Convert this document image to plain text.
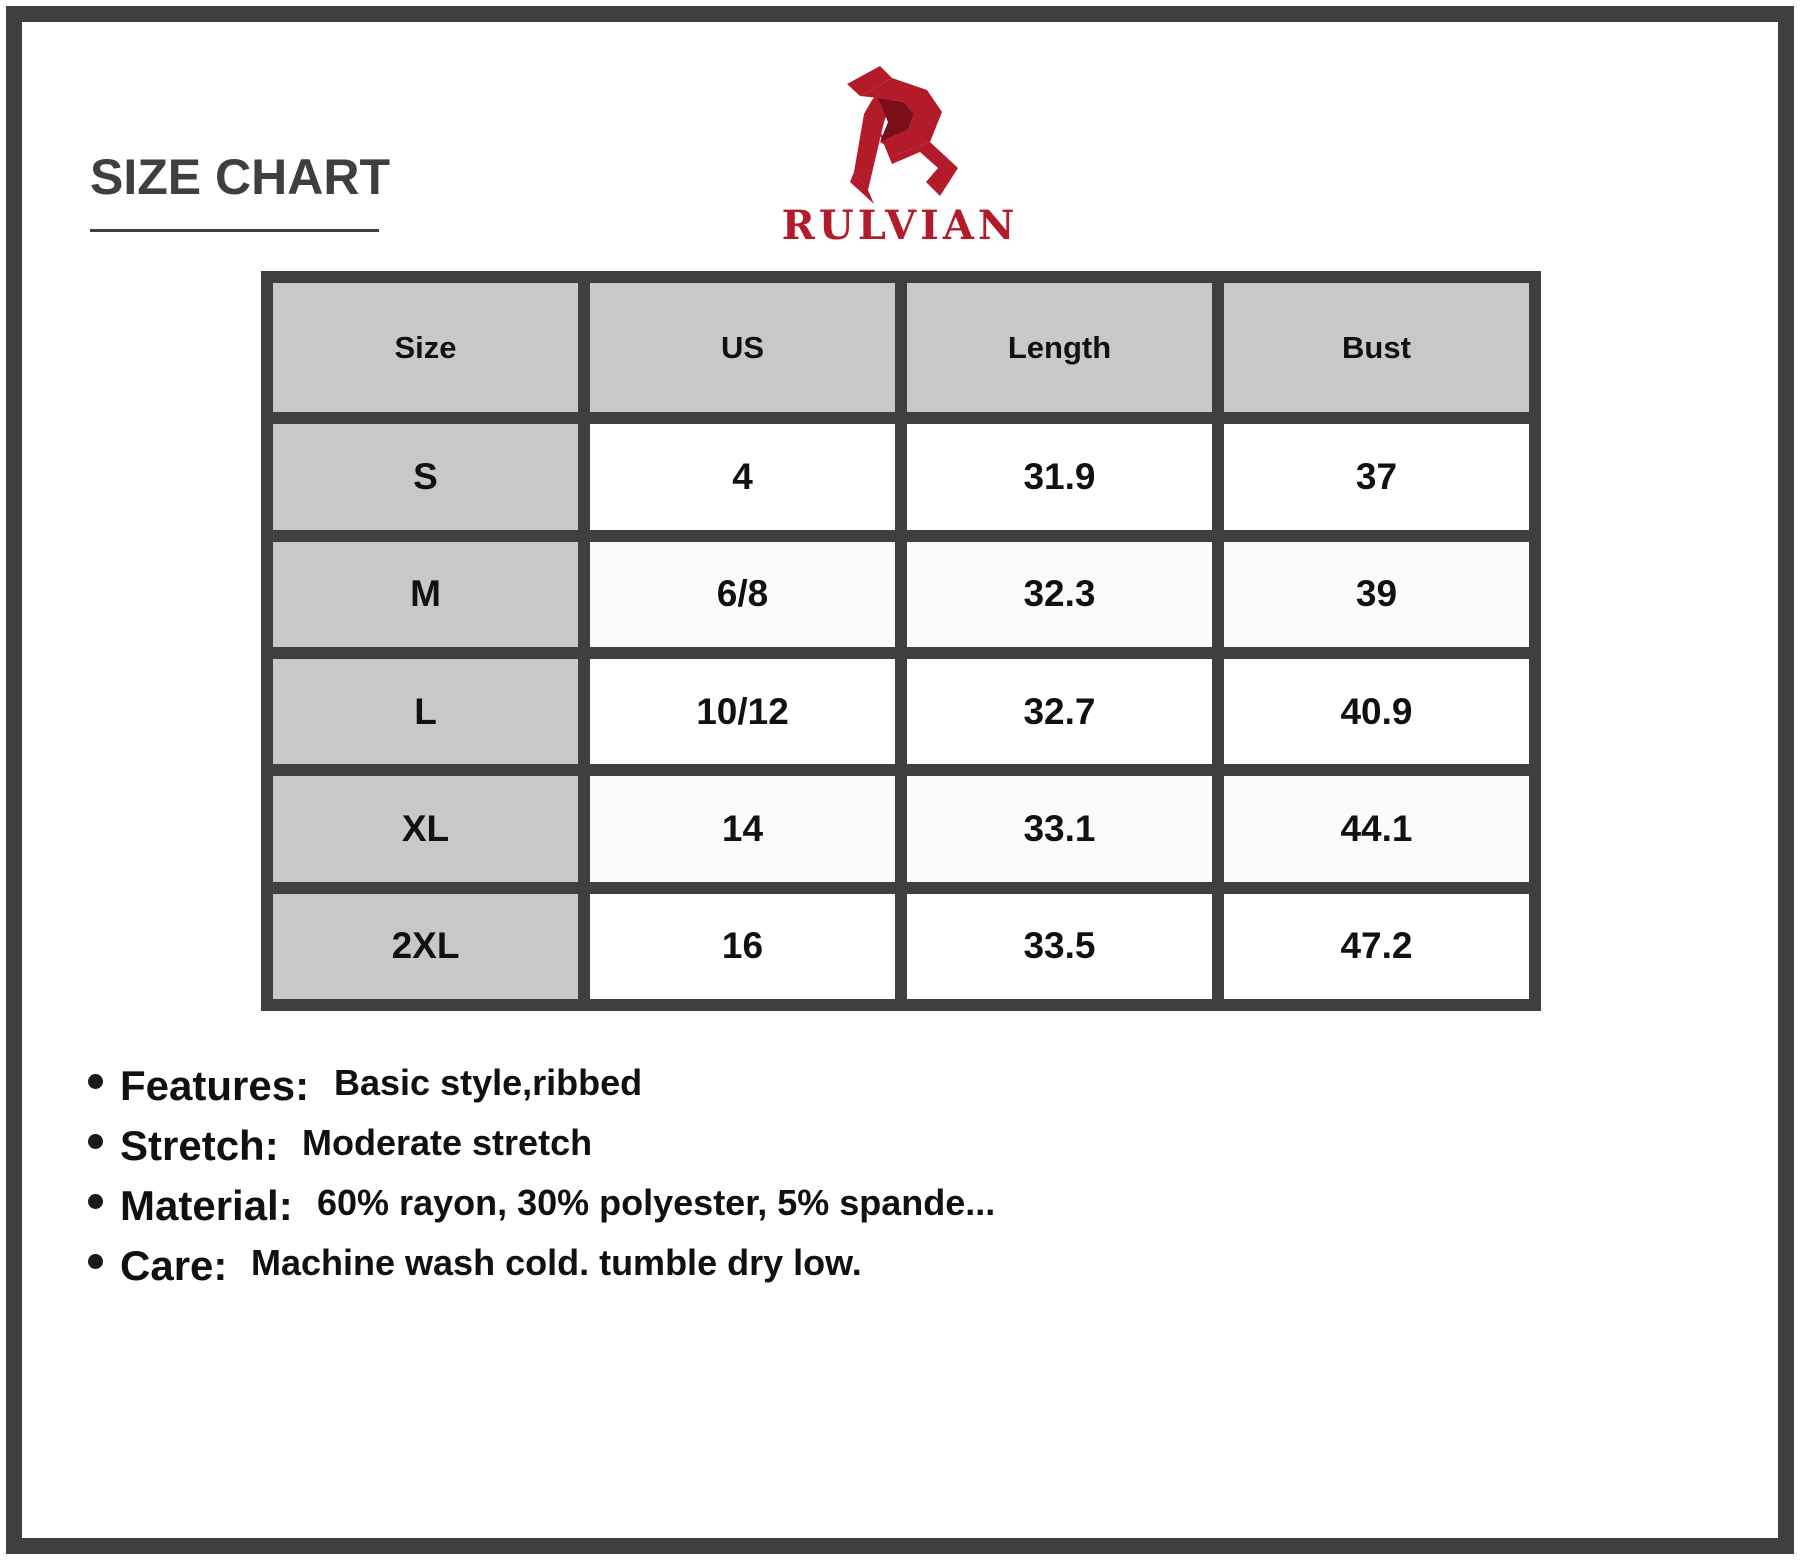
SIZE CHART
RULVIAN
Size	US	Length	Bust
S	4	31.9	37
M	6/8	32.3	39
L	10/12	32.7	40.9
XL	14	33.1	44.1
2XL	16	33.5	47.2
Features: Basic style,ribbed
Stretch: Moderate stretch
Material: 60% rayon, 30% polyester, 5% spande...
Care: Machine wash cold. tumble dry low.
